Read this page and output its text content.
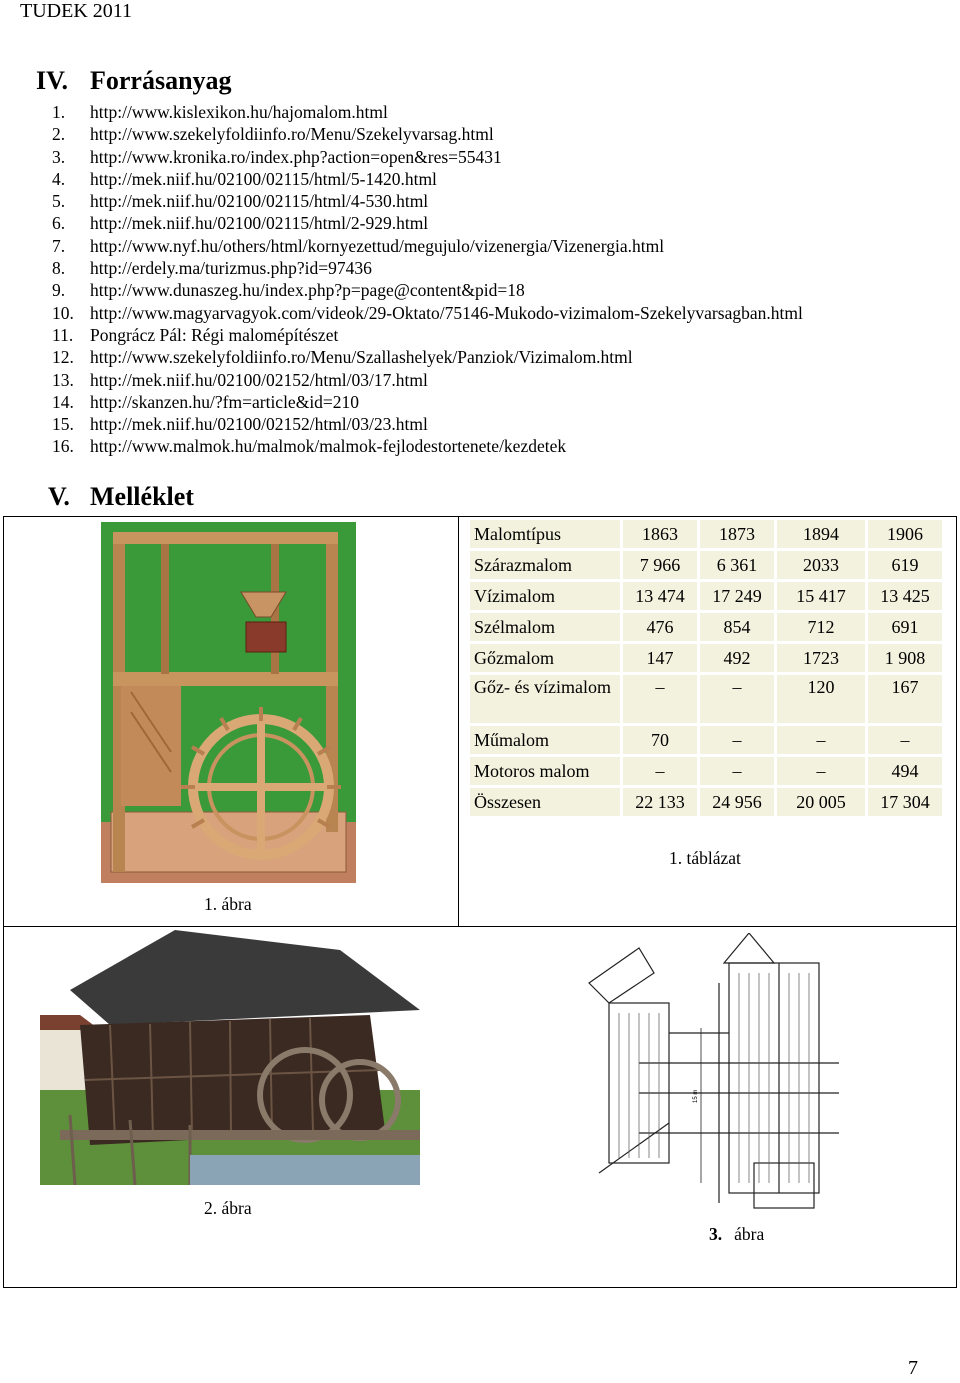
TUDEK 2011
IV. Forrásanyag
1. http://www.kislexikon.hu/hajomalom.html
2. http://www.szekelyfoldiinfo.ro/Menu/Szekelyvarsag.html
3. http://www.kronika.ro/index.php?action=open&res=55431
4. http://mek.niif.hu/02100/02115/html/5-1420.html
5. http://mek.niif.hu/02100/02115/html/4-530.html
6. http://mek.niif.hu/02100/02115/html/2-929.html
7. http://www.nyf.hu/others/html/kornyezettud/megujulo/vizenergia/Vizenergia.html
8. http://erdely.ma/turizmus.php?id=97436
9. http://www.dunaszeg.hu/index.php?p=page@content&pid=18
10. http://www.magyarvagyok.com/videok/29-Oktato/75146-Mukodo-vizimalom-Szekelyvarsagban.html
11. Pongrácz Pál: Régi malomépítészet
12. http://www.szekelyfoldiinfo.ro/Menu/Szallashelyek/Panziok/Vizimalom.html
13. http://mek.niif.hu/02100/02152/html/03/17.html
14. http://skanzen.hu/?fm=article&id=210
15. http://mek.niif.hu/02100/02152/html/03/23.html
16. http://www.malmok.hu/malmok/malmok-fejlodestortenete/kezdetek
V. Melléklet
1. ábra
Malomtípus	1863	1873	1894	1906
Szárazmalom	7 966	6 361	2033	619
Vízimalom	13 474	17 249	15 417	13 425
Szélmalom	476	854	712	691
Gőzmalom	147	492	1723	1 908
Gőz- és vízimalom	–	–	120	167
Műmalom	70	–	–	–
Motoros malom	–	–	–	494
Összesen	22 133	24 956	20 005	17 304
1. táblázat
2. ábra
15 m
3. ábra
7
